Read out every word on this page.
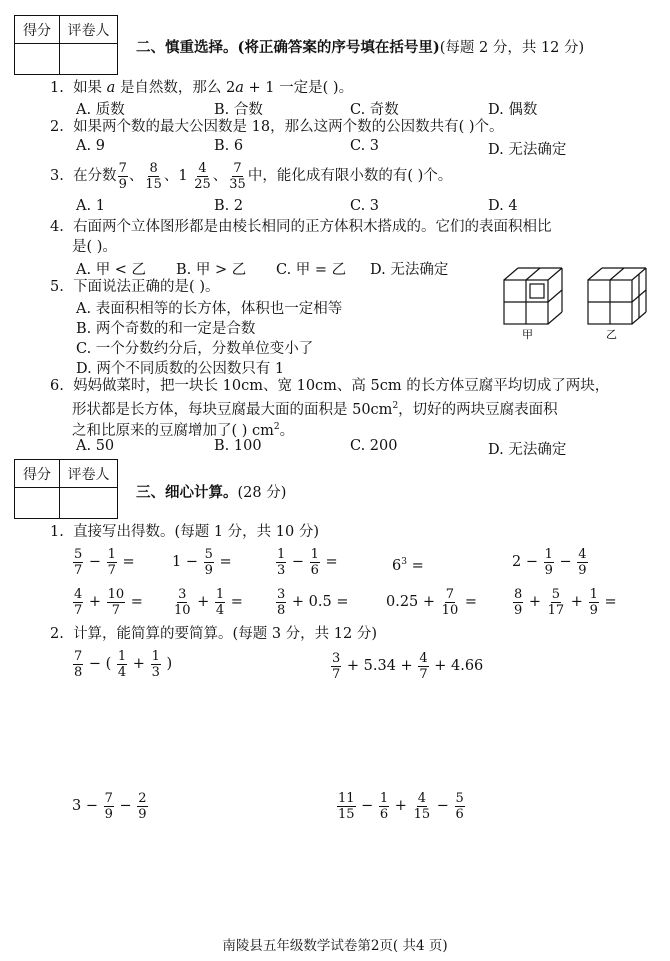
得分	评卷人

二、慎重选择。(将正确答案的序号填在括号里)(每题 2 分，共 12 分)
1. 如果 a 是自然数，那么 2a + 1 一定是( )。
A. 质数	B. 合数	C. 奇数	D. 偶数
2. 如果两个数的最大公因数是 18，那么这两个数的公因数共有( )个。
A. 9	B. 6	C. 3	D. 无法确定
3. 在分数 $\frac{7}{9}$ 、 $\frac{8}{15}$ 、$1 \frac{4}{25}$ 、 $\frac{7}{35}$ 中，能化成有限小数的有( )个。
A. 1	B. 2	C. 3	D. 4
4. 右面两个立体图形都是由棱长相同的正方体积木搭成的。它们的表面积相比
是( )。
A. 甲 < 乙 B. 甲 > 乙 C. 甲 = 乙 D. 无法确定
甲	乙
5. 下面说法正确的是( )。
A. 表面积相等的长方体，体积也一定相等
B. 两个奇数的和一定是合数
C. 一个分数约分后，分数单位变小了
D. 两个不同质数的公因数只有 1
6. 妈妈做菜时，把一块长 10cm、宽 10cm、高 5cm 的长方体豆腐平均切成了两块，
形状都是长方体，每块豆腐最大面的面积是 $50cm^2$，切好的两块豆腐表面积
之和比原来的豆腐增加了( ) $cm^2$。
A. 50	B. 100	C. 200	D. 无法确定
得分	评卷人

三、细心计算。(28 分)
1. 直接写出得数。(每题 1 分，共 10 分)
$\frac{5}{7} - \frac{1}{7}$ =	$1 - \frac{5}{9}$ =	$\frac{1}{3} - \frac{1}{6}$ =	$6^3$ =	$2 - \frac{1}{9} - \frac{4}{9}$
$\frac{4}{7} + \frac{10}{7} = \frac{3}{10} + \frac{1}{4}$ =	$\frac{3}{8} + 0.5$ =	$0.25 + \frac{7}{10}$ =	$\frac{8}{9} + \frac{5}{17} + \frac{1}{9}$ =
2. 计算，能简算的要简算。(每题 3 分，共 12 分)
$\frac{7}{8}$ − ( $\frac{1}{4} + \frac{1}{3}$ )	$\frac{3}{7} + 5.34 + \frac{4}{7} + 4.66$
$3 - \frac{7}{9} - \frac{2}{9}$	$\frac{11}{15} - \frac{1}{6} + \frac{4}{15} - \frac{5}{6}$
南陵县五年级数学试卷第2页( 共4 页)
